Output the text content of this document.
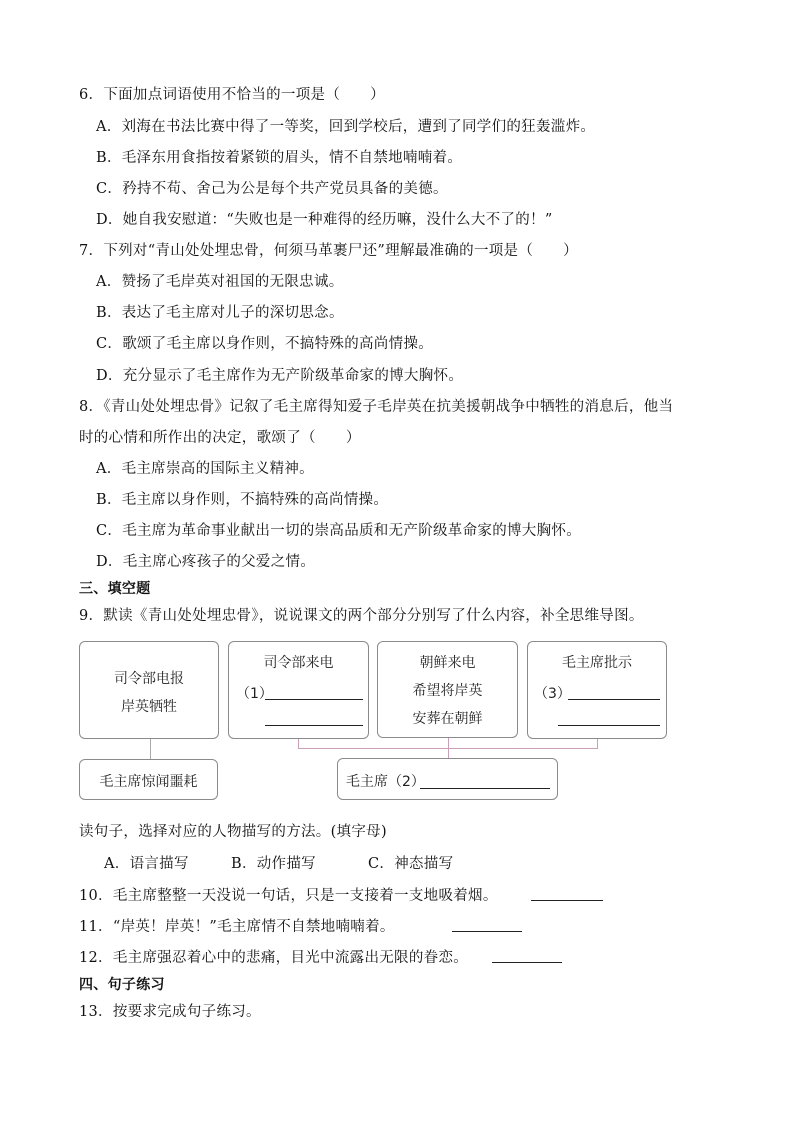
6．下面加点词语使用不恰当的一项是（ ）
A．刘海在书法比赛中得了一等奖，回到学校后，遭到了同学们的狂轰滥炸。
B．毛泽东用食指按着紧锁的眉头，情不自禁地喃喃着。
C．矜持不苟、舍己为公是每个共产党员具备的美德。
D．她自我安慰道：“失败也是一种难得的经历嘛，没什么大不了的！”
7．下列对“青山处处埋忠骨，何须马革裹尸还”理解最准确的一项是（ ）
A．赞扬了毛岸英对祖国的无限忠诚。
B．表达了毛主席对儿子的深切思念。
C．歌颂了毛主席以身作则，不搞特殊的高尚情操。
D．充分显示了毛主席作为无产阶级革命家的博大胸怀。
8．《青山处处埋忠骨》记叙了毛主席得知爱子毛岸英在抗美援朝战争中牺牲的消息后，他当
时的心情和所作出的决定，歌颂了（ ）
A．毛主席崇高的国际主义精神。
B．毛主席以身作则，不搞特殊的高尚情操。
C．毛主席为革命事业献出一切的崇高品质和无产阶级革命家的博大胸怀。
D．毛主席心疼孩子的父爱之情。
三、填空题
9．默读《青山处处埋忠骨》，说说课文的两个部分分别写了什么内容，补全思维导图。
司令部电报
岸英牺牲
司令部来电
（1）
朝鲜来电
希望将岸英
安葬在朝鲜
毛主席批示
（3）
毛主席惊闻噩耗	毛主席（2）
读句子，选择对应的人物描写的方法。(填字母)
A．语言描写	B．动作描写	C．神态描写
10．毛主席整整一天没说一句话，只是一支接着一支地吸着烟。
11．“岸英！岸英！”毛主席情不自禁地喃喃着。
12．毛主席强忍着心中的悲痛，目光中流露出无限的眷恋。
四、句子练习
13．按要求完成句子练习。
